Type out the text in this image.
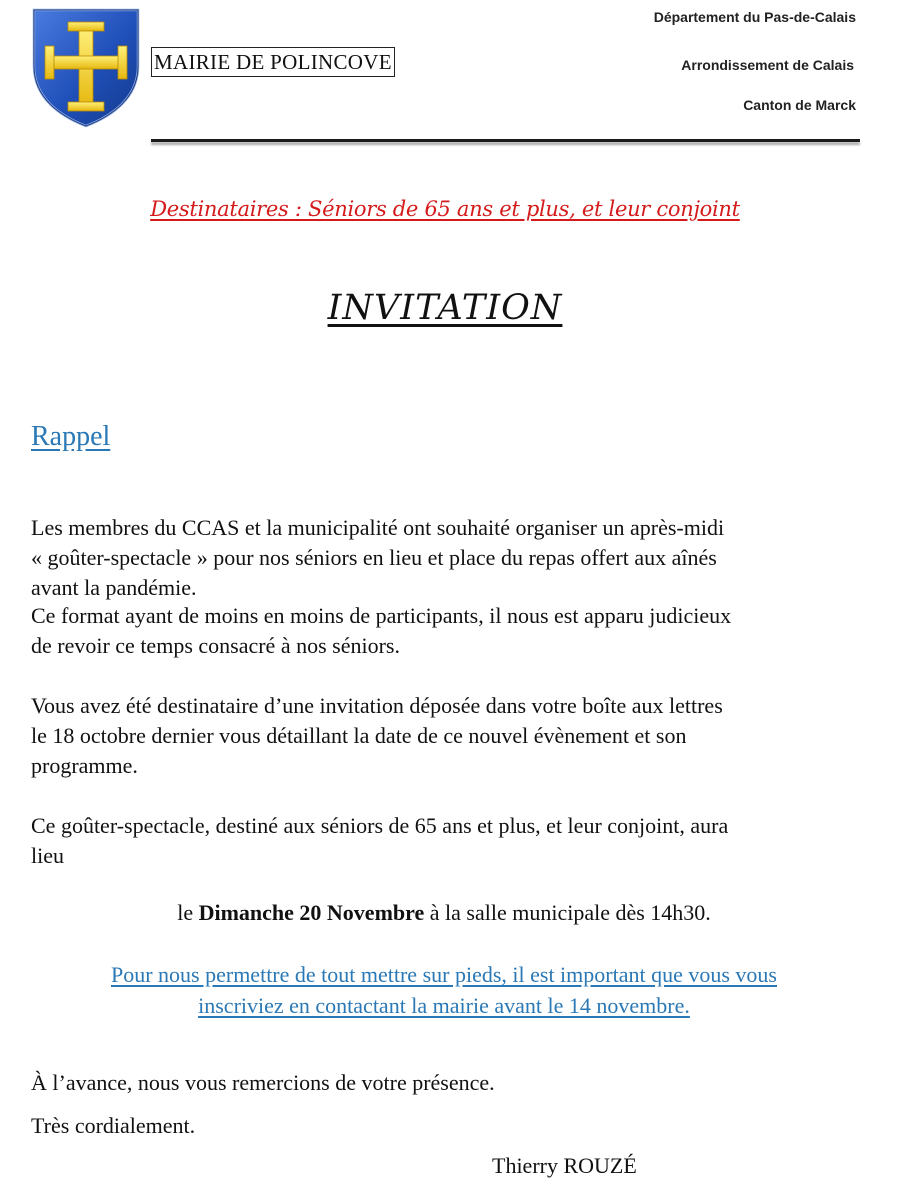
MAIRIE DE POLINCOVE
Département du Pas-de-Calais
Arrondissement de Calais
Canton de Marck
Destinataires : Séniors de 65 ans et plus, et leur conjoint
INVITATION
Rappel
Les membres du CCAS et la municipalité ont souhaité organiser un après-midi
« goûter-spectacle » pour nos séniors en lieu et place du repas offert aux aînés
avant la pandémie.
Ce format ayant de moins en moins de participants, il nous est apparu judicieux
de revoir ce temps consacré à nos séniors.
Vous avez été destinataire d’une invitation déposée dans votre boîte aux lettres
le 18 octobre dernier vous détaillant la date de ce nouvel évènement et son
programme.
Ce goûter-spectacle, destiné aux séniors de 65 ans et plus, et leur conjoint, aura
lieu
le Dimanche 20 Novembre à la salle municipale dès 14h30.
Pour nous permettre de tout mettre sur pieds, il est important que vous vous
inscriviez en contactant la mairie avant le 14 novembre.
À l’avance, nous vous remercions de votre présence.
Très cordialement.
Thierry ROUZÉ
